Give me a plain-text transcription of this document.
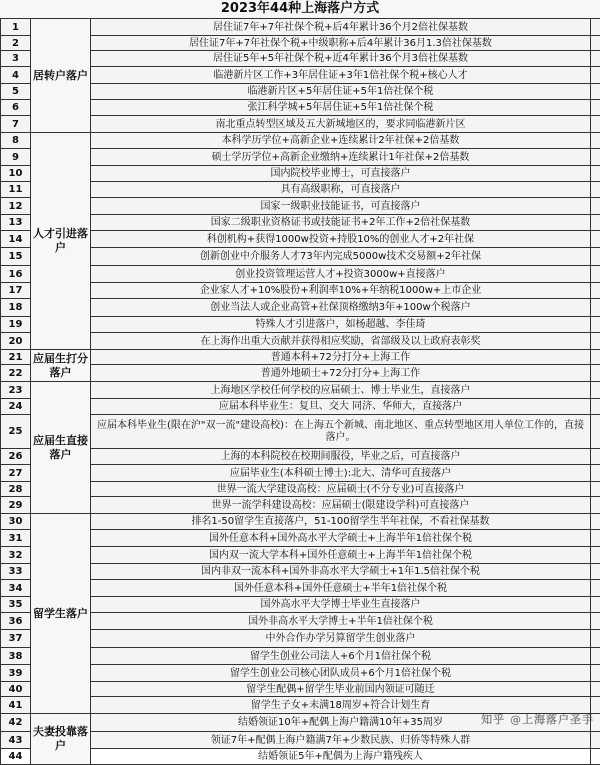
2023年44种上海落户方式
1	居转户落户	居住证7年+7年社保个税+后4年累计36个月2倍社保基数	
2		居住证7年+7年社保个税+中级职称+后4年累计36月1.3倍社保基数	
3		居住证5年+5年社保个税+近4年累计36个月3倍社保基数	
4		临港新片区工作+3年居住证+3年1倍社保个税+核心人才	
5		临港新片区+5年居住证+5年1倍社保个税	
6		张江科学城+5年居住证+5年1倍社保个税	
7		南北重点转型区域及五大新城地区的，要求同临港新片区	
8	人才引进落户	本科学历学位+高新企业+连续累计2年社保+2倍基数	
9		硕士学历学位+高新企业缴纳+连续累计1年社保+2倍基数	
10		国内院校毕业博士，可直接落户	
11		具有高级职称，可直接落户	
12		国家一级职业技能证书，可直接落户	
13		国家二级职业资格证书或技能证书+2年工作+2倍社保基数	
14		科创机构+获得1000w投资+持股10%的创业人才+2年社保	
15		创新创业中介服务人才73年内完成5000w技术交易额+2年社保	
16		创业投资管理运营人才+投资3000w+直接落户	
17		企业家人才+10%股份+利润率10%+年纳税1000w+上市企业	
18		创业当法人或企业高管+社保顶格缴纳3年+100w个税落户	
19		特殊人才引进落户，如杨超越、李佳琦	
20		在上海作出重大贡献并获得相应奖励，省部级及以上政府表彰奖	
21	应届生打分落户	普通本科+72分打分+上海工作	
22		普通外地硕士+72分打分+上海工作	
23	应届生直接落户	上海地区学校任何学校的应届硕士、博士毕业生，直接落户	
24		应届本科毕业生：复旦、交大 同济、华师大，直接落户	
25		应届本科毕业生(限在沪"双一流"建设高校)：在上海五个新城、南北地区、重点转型地区用人单位工作的，直接落户。	
26		上海的本科院校在校期间服役，毕业之后，可直接落户	
27		应届毕业生(本科硕士博士):北大、清华可直接落户	
28		世界一流大学建设高校：应届硕士(不分专业)可直接落户	
29		世界一流学科建设高校：应届硕士(限建设学科)可直接落户	
30	留学生落户	排名1-50留学生直接落户，51-100留学生半年社保，不看社保基数	
31		国外任意本科+国外高水平大学硕士+上海半年1倍社保个税	
32		国内双一流大学本科+国外任意硕士+上海半年1倍社保个税	
33		国内非双一流本科+国外非高水平大学硕士+1年1.5倍社保个税	
34		国外任意本科+国外任意硕士+半年1倍社保个税	
35		国外高水平大学博士毕业生直接落户	
36		国外非高水平大学博士+半年1倍社保个税	
37		中外合作办学另算留学生创业落户	
38		留学生创业公司法人+6个月1倍社保个税	
39		留学生创业公司核心团队成员+6个月1倍社保个税	
40		留学生配偶+留学生毕业前国内领证可随迁	
41		留学生子女+未满18周岁+符合计划生育	
42	夫妻投靠落户	结婚领证10年+配偶上海户籍满10年+35周岁	
43		领证7年+配偶上海户籍满7年+少数民族、归侨等特殊人群	
44		结婚领证5年+配偶为上海户籍残疾人	
知乎 @上海落户圣手
